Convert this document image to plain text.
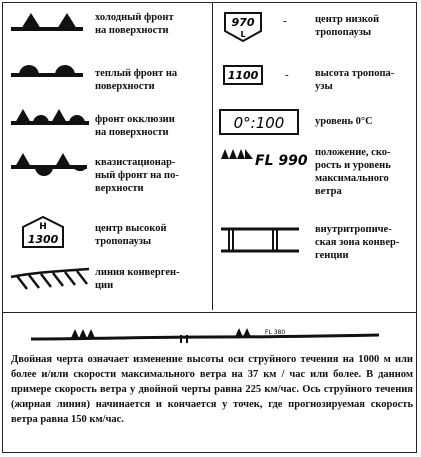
холодный фронт
на поверхности
теплый фронт на
поверхности
фронт окклюзии
на поверхности
квазистационар-
ный фронт на по-
верхности
H
1300
центр высокой
тропопаузы
линия конверген-
ции
970
L
-	центр низкой
тропопаузы
1100 -	высота тропопа-
узы
0°:100	уровень 0°C
FL 990
положение, ско-
рость и уровень
максимального
ветра
внутритропиче-
ская зона конвер-
генции
FL 380
Двойная черта означает изменение высоты оси струйного течения на 1000 м или более и/или скорости максимального ветра на 37 км / час или более. В данном примере скорость ветра у двойной черты равна 225 км/час. Ось струйного течения (жирная линия) начинается и кончается у точек, где прогнозируемая скорость ветра равна 150 км/час.
